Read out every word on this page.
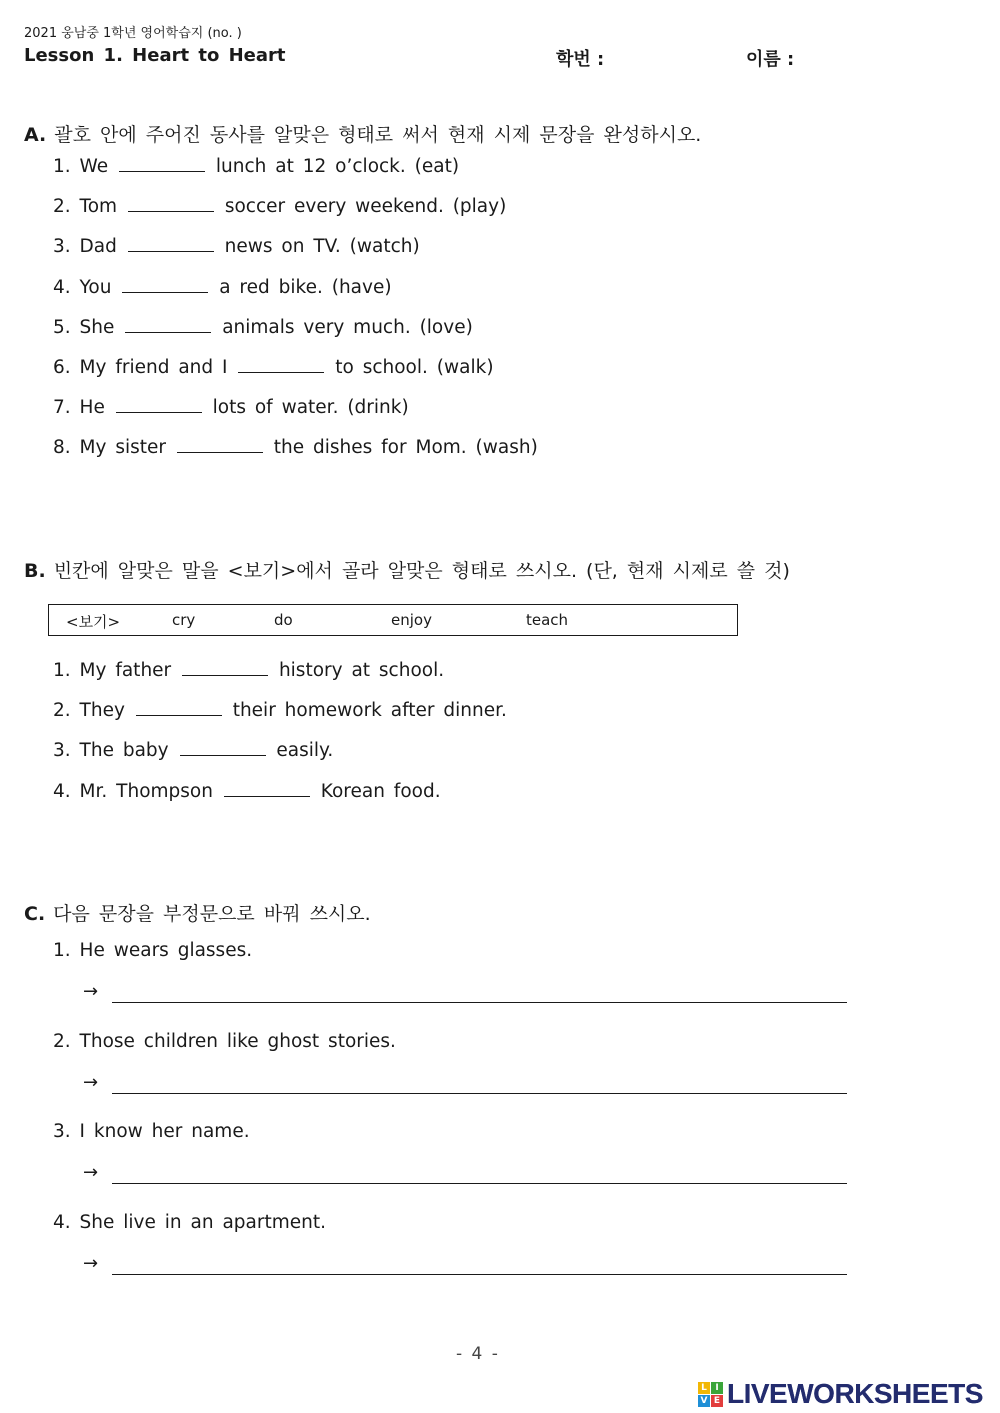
2021 웅남중 1학년 영어학습지 (no. )
Lesson 1. Heart to Heart	학번 :	이름 :
A. 괄호 안에 주어진 동사를 알맞은 형태로 써서 현재 시제 문장을 완성하시오.
1. We	lunch at 12 o’clock. (eat)
2. Tom	soccer every weekend. (play)
3. Dad	news on TV. (watch)
4. You	a red bike. (have)
5. She	animals very much. (love)
6. My friend and I	to school. (walk)
7. He	lots of water. (drink)
8. My sister	the dishes for Mom. (wash)
B. 빈칸에 알맞은 말을 <보기>에서 골라 알맞은 형태로 쓰시오. (단, 현재 시제로 쓸 것)
<보기>	cry	do	enjoy	teach
1. My father	history at school.
2. They	their homework after dinner.
3. The baby	easily.
4. Mr. Thompson	Korean food.
C. 다음 문장을 부정문으로 바꿔 쓰시오.
1. He wears glasses.
→
2. Those children like ghost stories.
→
3. I know her name.
→
4. She live in an apartment.
→
- 4 -
L I
V E LIVEWORKSHEETS
